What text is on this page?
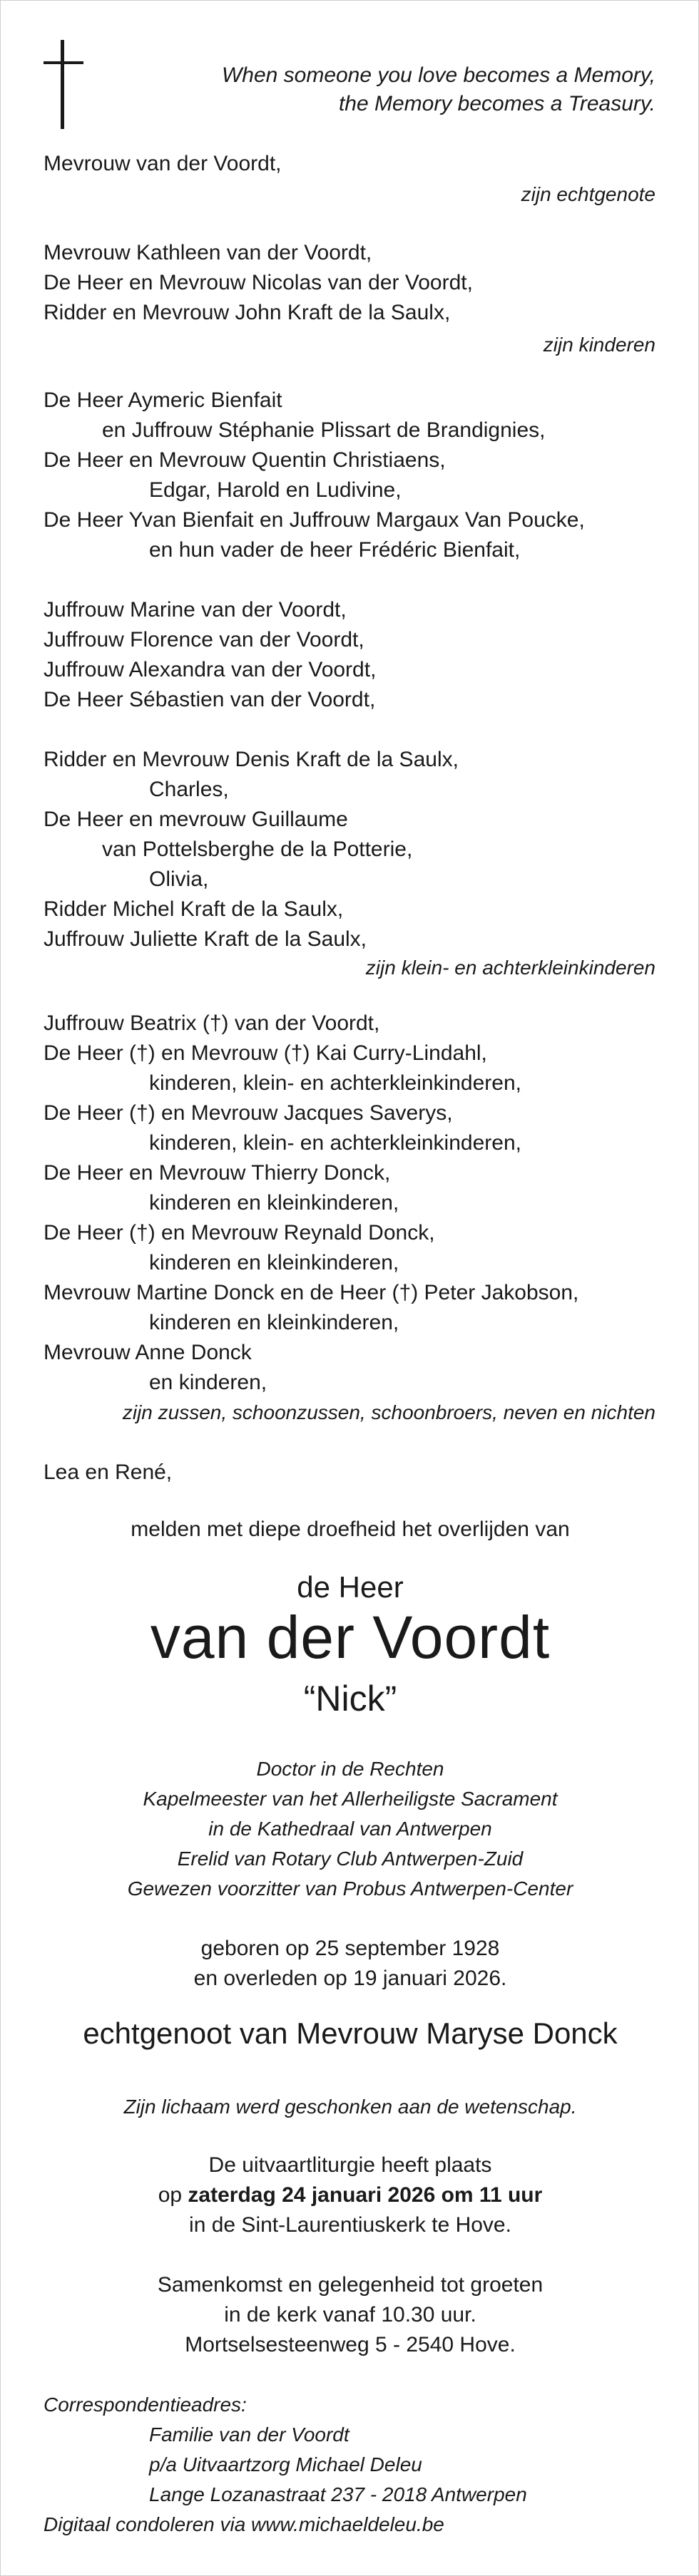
When someone you love becomes a Memory,
the Memory becomes a Treasury.
Mevrouw van der Voordt,
zijn echtgenote
Mevrouw Kathleen van der Voordt,
De Heer en Mevrouw Nicolas van der Voordt,
Ridder en Mevrouw John Kraft de la Saulx,
zijn kinderen
De Heer Aymeric Bienfait
en Juffrouw Stéphanie Plissart de Brandignies,
De Heer en Mevrouw Quentin Christiaens,
Edgar, Harold en Ludivine,
De Heer Yvan Bienfait en Juffrouw Margaux Van Poucke,
en hun vader de heer Frédéric Bienfait,
Juffrouw Marine van der Voordt,
Juffrouw Florence van der Voordt,
Juffrouw Alexandra van der Voordt,
De Heer Sébastien van der Voordt,
Ridder en Mevrouw Denis Kraft de la Saulx,
Charles,
De Heer en mevrouw Guillaume
van Pottelsberghe de la Potterie,
Olivia,
Ridder Michel Kraft de la Saulx,
Juffrouw Juliette Kraft de la Saulx,
zijn klein- en achterkleinkinderen
Juffrouw Beatrix (†) van der Voordt,
De Heer (†) en Mevrouw (†) Kai Curry-Lindahl,
kinderen, klein- en achterkleinkinderen,
De Heer (†) en Mevrouw Jacques Saverys,
kinderen, klein- en achterkleinkinderen,
De Heer en Mevrouw Thierry Donck,
kinderen en kleinkinderen,
De Heer (†) en Mevrouw Reynald Donck,
kinderen en kleinkinderen,
Mevrouw Martine Donck en de Heer (†) Peter Jakobson,
kinderen en kleinkinderen,
Mevrouw Anne Donck
en kinderen,
zijn zussen, schoonzussen, schoonbroers, neven en nichten
Lea en René,
melden met diepe droefheid het overlijden van
de Heer
van der Voordt
“Nick”
Doctor in de Rechten
Kapelmeester van het Allerheiligste Sacrament
in de Kathedraal van Antwerpen
Erelid van Rotary Club Antwerpen-Zuid
Gewezen voorzitter van Probus Antwerpen-Center
geboren op 25 september 1928
en overleden op 19 januari 2026.
echtgenoot van Mevrouw Maryse Donck
Zijn lichaam werd geschonken aan de wetenschap.
De uitvaartliturgie heeft plaats
op zaterdag 24 januari 2026 om 11 uur
in de Sint-Laurentiuskerk te Hove.
Samenkomst en gelegenheid tot groeten
in de kerk vanaf 10.30 uur.
Mortselsesteenweg 5 - 2540 Hove.
Correspondentieadres:
Familie van der Voordt
p/a Uitvaartzorg Michael Deleu
Lange Lozanastraat 237 - 2018 Antwerpen
Digitaal condoleren via www.michaeldeleu.be
